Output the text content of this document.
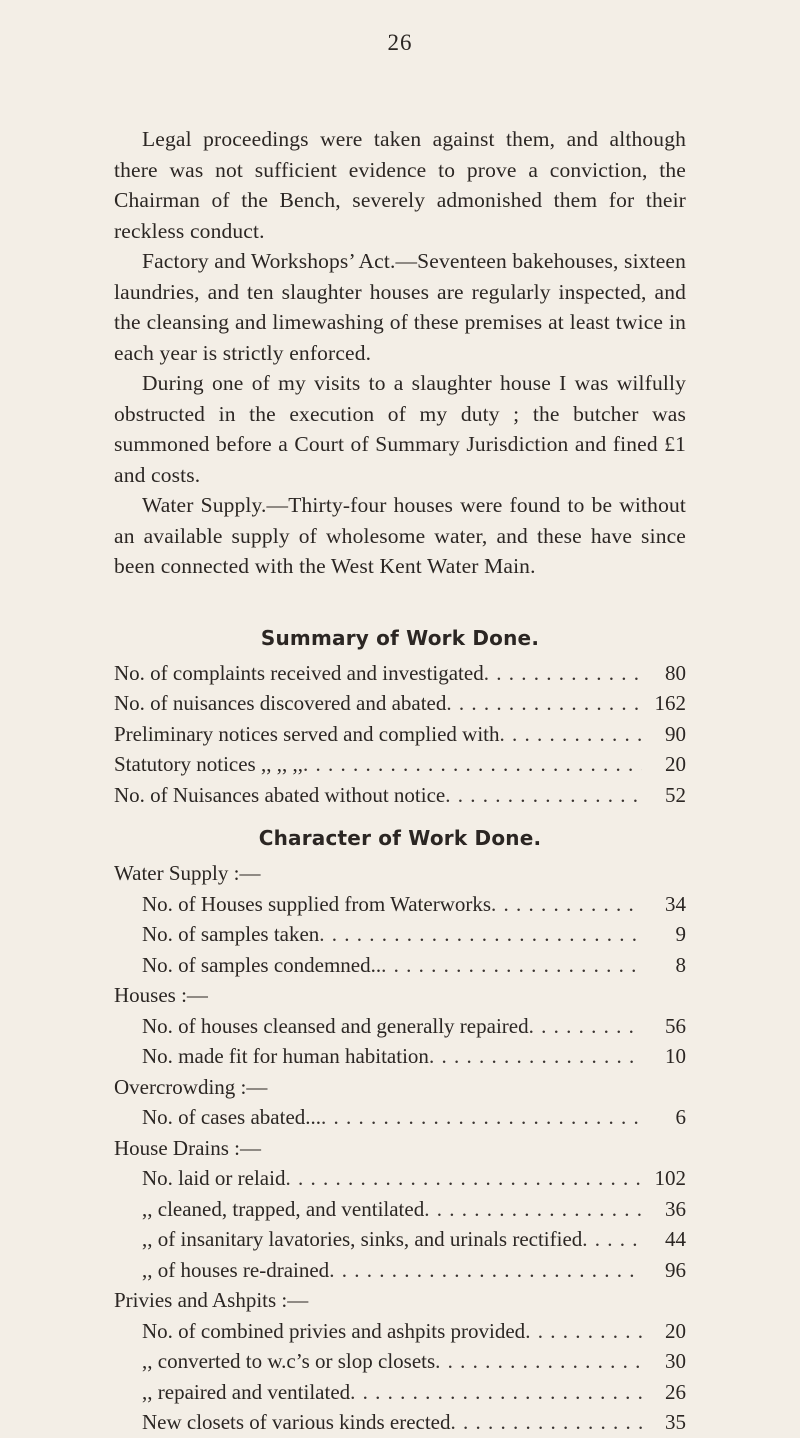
26

Legal proceedings were taken against them, and although there was not sufficient evidence to prove a conviction, the Chairman of the Bench, severely admonished them for their reckless conduct.

Factory and Workshops’ Act.—Seventeen bakehouses, sixteen laundries, and ten slaughter houses are regularly inspected, and the cleansing and limewashing of these premises at least twice in each year is strictly enforced.

During one of my visits to a slaughter house I was wilfully obstructed in the execution of my duty ; the butcher was summoned before a Court of Summary Jurisdiction and fined £1 and costs.

Water Supply.—Thirty-four houses were found to be without an available supply of wholesome water, and these have since been connected with the West Kent Water Main.

Summary of Work Done.
No. of complaints received and investigated . . .	80
No. of nuisances discovered and abated . . .	162
Preliminary notices served and complied with . . .	90
Statutory notices ,, ,, ,, . . .	20
No. of Nuisances abated without notice . . .	52
Character of Work Done.
Water Supply :—
No. of Houses supplied from Waterworks . . .	34
No. of samples taken . . .	9
No. of samples condemned.. . . .	8
Houses :—
No. of houses cleansed and generally repaired . . .	56
No. made fit for human habitation . . .	10
Overcrowding :—
No. of cases abated... . . .	6
House Drains :—
No. laid or relaid . . .	102
,, cleaned, trapped, and ventilated . . .	36
,, of insanitary lavatories, sinks, and urinals rectified . . .	44
,, of houses re-drained . . .	96
Privies and Ashpits :—
No. of combined privies and ashpits provided . . .	20
,, converted to w.c’s or slop closets . . .	30
,, repaired and ventilated . . .	26
New closets of various kinds erected . . .	35
